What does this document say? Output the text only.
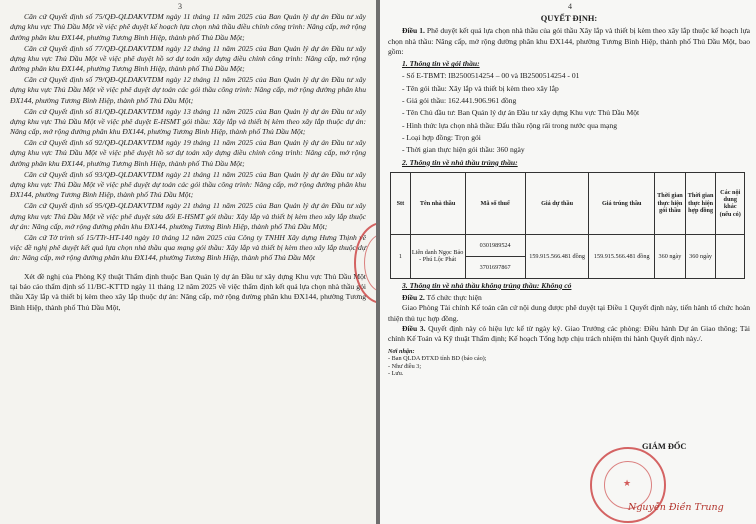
3

Căn cứ Quyết định số 75/QĐ-QLDAKVTDM ngày 11 tháng 11 năm 2025 của Ban Quản lý dự án Đầu tư xây dựng khu vực Thủ Dầu Một về việc phê duyệt kế hoạch lựa chọn nhà thầu điều chỉnh công trình: Nâng cấp, mở rộng đường phân khu ĐX144, phường Tương Bình Hiệp, thành phố Thủ Dầu Một;

Căn cứ Quyết định số 77/QĐ-QLDAKVTDM ngày 12 tháng 11 năm 2025 của Ban Quản lý dự án Đầu tư xây dựng khu vực Thủ Dầu Một về việc phê duyệt hồ sơ dự toán xây dựng điều chỉnh công trình: Nâng cấp, mở rộng đường phân khu ĐX144, phường Tương Bình Hiệp, thành phố Thủ Dầu Một;

Căn cứ Quyết định số 79/QĐ-QLDAKVTDM ngày 12 tháng 11 năm 2025 của Ban Quản lý dự án Đầu tư xây dựng khu vực Thủ Dầu Một về việc phê duyệt dự toán các gói thầu công trình: Nâng cấp, mở rộng đường phân khu ĐX144, phường Tương Bình Hiệp, thành phố Thủ Dầu Một;

Căn cứ Quyết định số 81/QĐ-QLDAKVTDM ngày 13 tháng 11 năm 2025 của Ban Quản lý dự án Đầu tư xây dựng khu vực Thủ Dầu Một về việc phê duyệt E-HSMT gói thầu: Xây lắp và thiết bị kèm theo xây lắp thuộc dự án: Nâng cấp, mở rộng đường phân khu ĐX144, phường Tương Bình Hiệp, thành phố Thủ Dầu Một;

Căn cứ Quyết định số 92/QĐ-QLDAKVTDM ngày 19 tháng 11 năm 2025 của Ban Quản lý dự án Đầu tư xây dựng khu vực Thủ Dầu Một về việc phê duyệt hồ sơ dự toán xây dựng điều chỉnh công trình: Nâng cấp, mở rộng đường phân khu ĐX144, phường Tương Bình Hiệp, thành phố Thủ Dầu Một;

Căn cứ Quyết định số 93/QĐ-QLDAKVTDM ngày 21 tháng 11 năm 2025 của Ban Quản lý dự án Đầu tư xây dựng khu vực Thủ Dầu Một về việc phê duyệt dự toán các gói thầu công trình: Nâng cấp, mở rộng đường phân khu ĐX144, phường Tương Bình Hiệp, thành phố Thủ Dầu Một;

Căn cứ Quyết định số 95/QĐ-QLDAKVTDM ngày 21 tháng 11 năm 2025 của Ban Quản lý dự án Đầu tư xây dựng khu vực Thủ Dầu Một về việc phê duyệt sửa đổi E-HSMT gói thầu: Xây lắp và thiết bị kèm theo xây lắp thuộc dự án: Nâng cấp, mở rộng đường phân khu ĐX144, phường Tương Bình Hiệp, thành phố Thủ Dầu Một;

Căn cứ Tờ trình số 15/TTr-HT-140 ngày 10 tháng 12 năm 2025 của Công ty TNHH Xây dựng Hưng Thịnh về việc đề nghị phê duyệt kết quả lựa chọn nhà thầu qua mạng gói thầu: Xây lắp và thiết bị kèm theo xây lắp thuộc dự án: Nâng cấp, mở rộng đường phân khu ĐX144, phường Tương Bình Hiệp, thành phố Thủ Dầu Một

Xét đề nghị của Phòng Kỹ thuật Thẩm định thuộc Ban Quản lý dự án Đầu tư xây dựng Khu vực Thủ Dầu Một tại báo cáo thẩm định số 11/BC-KTTD ngày 11 tháng 12 năm 2025 về việc thẩm định kết quả lựa chọn nhà thầu gói thầu Xây lắp và thiết bị kèm theo xây lắp thuộc dự án: Nâng cấp, mở rộng đường phân khu ĐX144, phường Tương Bình Hiệp, thành phố Thủ Dầu Một,

4
QUYẾT ĐỊNH:

Điều 1. Phê duyệt kết quả lựa chọn nhà thầu của gói thầu Xây lắp và thiết bị kèm theo xây lắp thuộc kế hoạch lựa chọn nhà thầu: Nâng cấp, mở rộng đường phân khu ĐX144, phường Tương Bình Hiệp, thành phố Thủ Dầu Một, bao gồm:

1. Thông tin về gói thầu:

- Số E-TBMT: IB2500514254 – 00 và IB2500514254 - 01

- Tên gói thầu: Xây lắp và thiết bị kèm theo xây lắp

- Giá gói thầu: 162.441.906.961 đồng

- Tên Chủ đầu tư: Ban Quản lý dự án Đầu tư xây dựng Khu vực Thủ Dầu Một

- Hình thức lựa chọn nhà thầu: Đấu thầu rộng rãi trong nước qua mạng

- Loại hợp đồng: Trọn gói

- Thời gian thực hiện gói thầu: 360 ngày

2. Thông tin về nhà thầu trúng thầu:

Stt	Tên nhà thầu	Mã số thuế	Giá dự thầu	Giá trúng thầu	Thời gian thực hiện gói thầu	Thời gian thực hiện hợp đồng	Các nội dung khác (nếu có)
1	Liên danh Ngọc Bảo - Phú Lộc Phát	0301989524	159.915.566.481 đồng	159.915.566.481 đồng	360 ngày	360 ngày	
		3701697867					

3. Thông tin về nhà thầu không trúng thầu: Không có

Điều 2. Tổ chức thực hiện

Giao Phòng Tài chính Kế toán căn cứ nội dung được phê duyệt tại Điều 1 Quyết định này, tiến hành tổ chức hoàn thiện thủ tục hợp đồng.

Điều 3. Quyết định này có hiệu lực kể từ ngày ký. Giao Trưởng các phòng: Điều hành Dự án Giao thông; Tài chính Kế Toán và Kỹ thuật Thẩm định; Kế hoạch Tổng hợp chịu trách nhiệm thi hành Quyết định này./.

Nơi nhận:
- Ban QLDA ĐTXD tỉnh BD (báo cáo);
- Như điều 3;
- Lưu.
GIÁM ĐỐC
★
Nguyễn Điền Trung
